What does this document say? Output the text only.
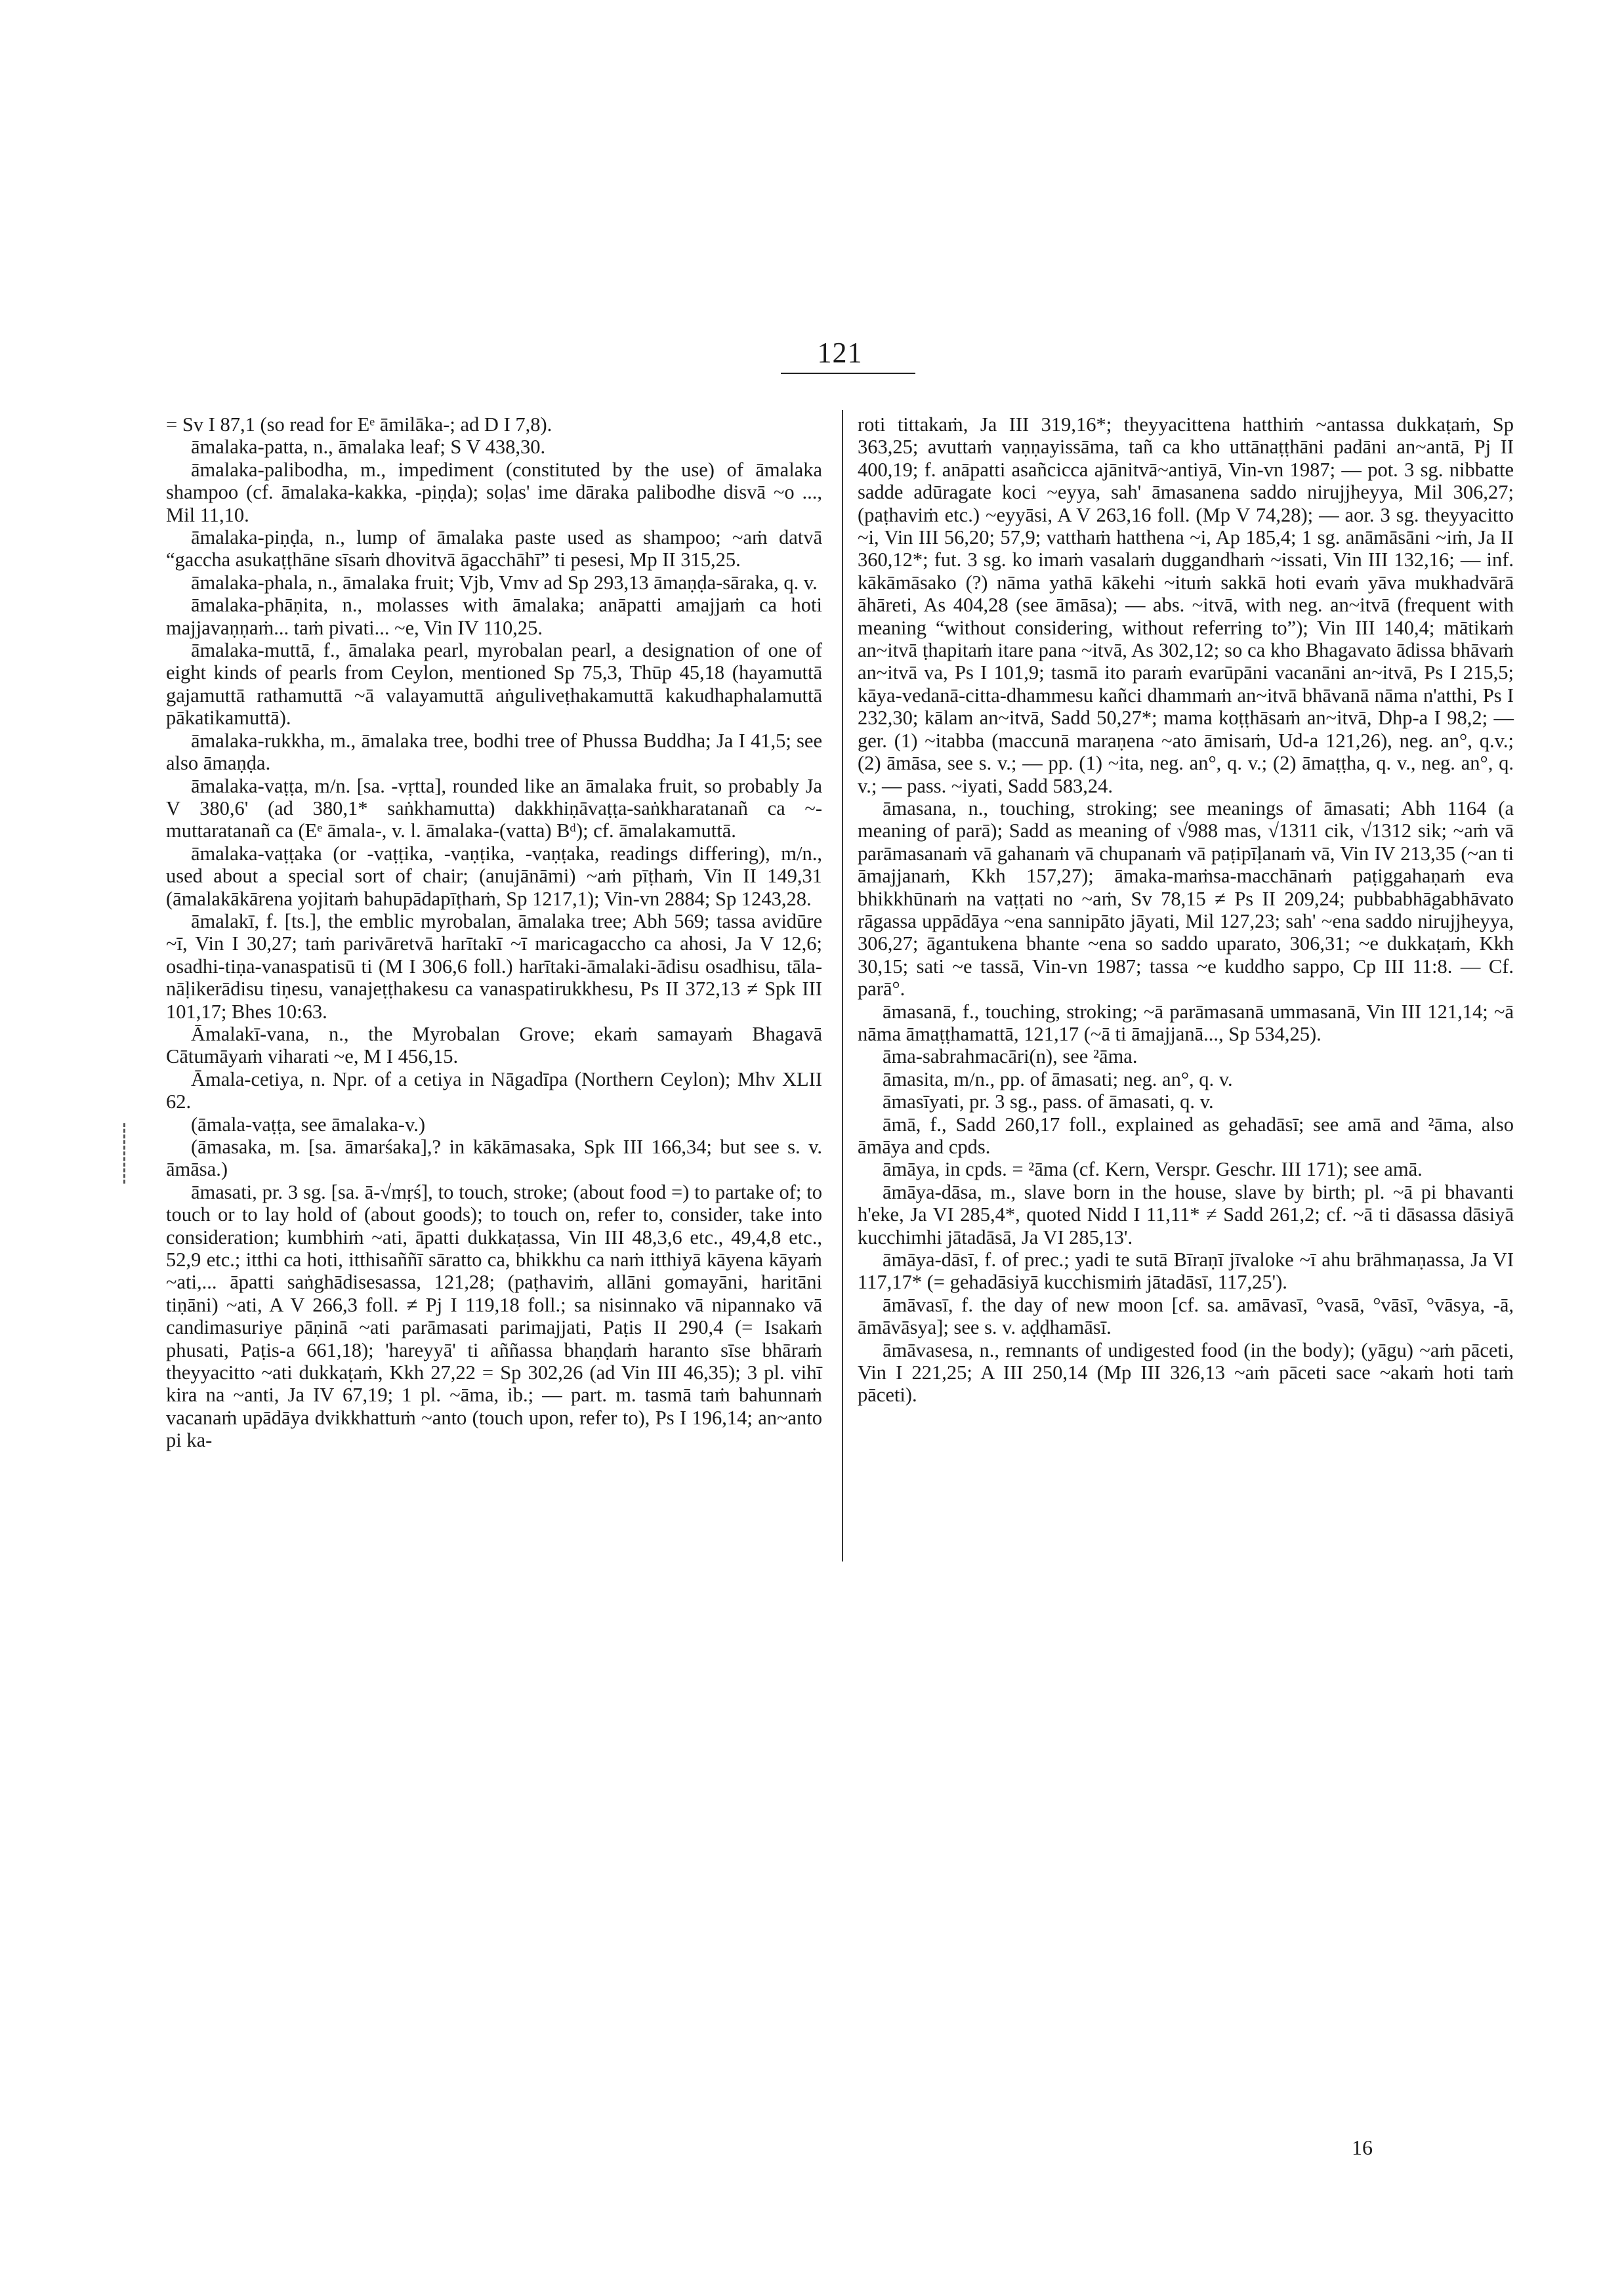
121

= Sv I 87,1 (so read for Eᵉ āmilāka-; ad D I 7,8).

āmalaka-patta, n., āmalaka leaf; S V 438,30.

āmalaka-palibodha, m., impediment (constituted by the use) of āmalaka shampoo (cf. āmalaka-kakka, -piṇḍa); soḷas' ime dāraka palibodhe disvā ~o ..., Mil 11,10.

āmalaka-piṇḍa, n., lump of āmalaka paste used as shampoo; ~aṁ datvā “gaccha asukaṭṭhāne sīsaṁ dhovitvā āgacchāhī” ti pesesi, Mp II 315,25.

āmalaka-phala, n., āmalaka fruit; Vjb, Vmv ad Sp 293,13 āmaṇḍa-sāraka, q. v.

āmalaka-phāṇita, n., molasses with āmalaka; anāpatti amajjaṁ ca hoti majjavaṇṇaṁ... taṁ pivati... ~e, Vin IV 110,25.

āmalaka-muttā, f., āmalaka pearl, myrobalan pearl, a designation of one of eight kinds of pearls from Ceylon, mentioned Sp 75,3, Thūp 45,18 (hayamuttā gajamuttā rathamuttā ~ā valayamuttā aṅguliveṭhakamuttā kakudhaphalamuttā pākatikamuttā).

āmalaka-rukkha, m., āmalaka tree, bodhi tree of Phussa Buddha; Ja I 41,5; see also āmaṇḍa.

āmalaka-vaṭṭa, m/n. [sa. -vṛtta], rounded like an āmalaka fruit, so probably Ja V 380,6' (ad 380,1* saṅkhamutta) dakkhiṇāvaṭṭa-saṅkharatanañ ca ~-muttaratanañ ca (Eᵉ āmala-, v. l. āmalaka-(vatta) Bᵈ); cf. āmalakamuttā.

āmalaka-vaṭṭaka (or -vaṭṭika, -vaṇṭika, -vaṇṭaka, readings differing), m/n., used about a special sort of chair; (anujānāmi) ~aṁ pīṭhaṁ, Vin II 149,31 (āmalakākārena yojitaṁ bahupādapīṭhaṁ, Sp 1217,1); Vin-vn 2884; Sp 1243,28.

āmalakī, f. [ts.], the emblic myrobalan, āmalaka tree; Abh 569; tassa avidūre ~ī, Vin I 30,27; taṁ parivāretvā harītakī ~ī maricagaccho ca ahosi, Ja V 12,6; osadhi-tiṇa-vanaspatisū ti (M I 306,6 foll.) harītaki-āmalaki-ādisu osadhisu, tāla-nāḷikerādisu tiṇesu, vanajeṭṭhakesu ca vanaspatirukkhesu, Ps II 372,13 ≠ Spk III 101,17; Bhes 10:63.

Āmalakī-vana, n., the Myrobalan Grove; ekaṁ samayaṁ Bhagavā Cātumāyaṁ viharati ~e, M I 456,15.

Āmala-cetiya, n. Npr. of a cetiya in Nāgadīpa (Northern Ceylon); Mhv XLII 62.

(āmala-vaṭṭa, see āmalaka-v.)

(āmasaka, m. [sa. āmarśaka],? in kākāmasaka, Spk III 166,34; but see s. v. āmāsa.)

āmasati, pr. 3 sg. [sa. ā-√mṛś], to touch, stroke; (about food =) to partake of; to touch or to lay hold of (about goods); to touch on, refer to, consider, take into consideration; kumbhiṁ ~ati, āpatti dukkaṭassa, Vin III 48,3,6 etc., 49,4,8 etc., 52,9 etc.; itthi ca hoti, itthisaññī sāratto ca, bhikkhu ca naṁ itthiyā kāyena kāyaṁ ~ati,... āpatti saṅghādisesassa, 121,28; (paṭhaviṁ, allāni gomayāni, haritāni tiṇāni) ~ati, A V 266,3 foll. ≠ Pj I 119,18 foll.; sa nisinnako vā nipannako vā candimasuriye pāṇinā ~ati parāmasati parimajjati, Paṭis II 290,4 (= Isakaṁ phusati, Paṭis-a 661,18); 'hareyyā' ti aññassa bhaṇḍaṁ haranto sīse bhāraṁ theyyacitto ~ati dukkaṭaṁ, Kkh 27,22 = Sp 302,26 (ad Vin III 46,35); 3 pl. vihī kira na ~anti, Ja IV 67,19; 1 pl. ~āma, ib.; — part. m. tasmā taṁ bahunnaṁ vacanaṁ upādāya dvikkhattuṁ ~anto (touch upon, refer to), Ps I 196,14; an~anto pi ka-

roti tittakaṁ, Ja III 319,16*; theyyacittena hatthiṁ ~antassa dukkaṭaṁ, Sp 363,25; avuttaṁ vaṇṇayissāma, tañ ca kho uttānaṭṭhāni padāni an~antā, Pj II 400,19; f. anāpatti asañcicca ajānitvā~antiyā, Vin-vn 1987; — pot. 3 sg. nibbatte sadde adūragate koci ~eyya, sah' āmasanena saddo nirujjheyya, Mil 306,27; (paṭhaviṁ etc.) ~eyyāsi, A V 263,16 foll. (Mp V 74,28); — aor. 3 sg. theyyacitto ~i, Vin III 56,20; 57,9; vatthaṁ hatthena ~i, Ap 185,4; 1 sg. anāmāsāni ~iṁ, Ja II 360,12*; fut. 3 sg. ko imaṁ vasalaṁ duggandhaṁ ~issati, Vin III 132,16; — inf. kākāmāsako (?) nāma yathā kākehi ~ituṁ sakkā hoti evaṁ yāva mukhadvārā āhāreti, As 404,28 (see āmāsa); — abs. ~itvā, with neg. an~itvā (frequent with meaning “without considering, without referring to”); Vin III 140,4; mātikaṁ an~itvā ṭhapitaṁ itare pana ~itvā, As 302,12; so ca kho Bhagavato ādissa bhāvaṁ an~itvā va, Ps I 101,9; tasmā ito paraṁ evarūpāni vacanāni an~itvā, Ps I 215,5; kāya-vedanā-citta-dhammesu kañci dhammaṁ an~itvā bhāvanā nāma n'atthi, Ps I 232,30; kālam an~itvā, Sadd 50,27*; mama koṭṭhāsaṁ an~itvā, Dhp-a I 98,2; — ger. (1) ~itabba (maccunā maraṇena ~ato āmisaṁ, Ud-a 121,26), neg. an°, q.v.; (2) āmāsa, see s. v.; — pp. (1) ~ita, neg. an°, q. v.; (2) āmaṭṭha, q. v., neg. an°, q. v.; — pass. ~iyati, Sadd 583,24.

āmasana, n., touching, stroking; see meanings of āmasati; Abh 1164 (a meaning of parā); Sadd as meaning of √988 mas, √1311 cik, √1312 sik; ~aṁ vā parāmasanaṁ vā gahanaṁ vā chupanaṁ vā paṭipīḷanaṁ vā, Vin IV 213,35 (~an ti āmajjanaṁ, Kkh 157,27); āmaka-maṁsa-macchānaṁ paṭiggahaṇaṁ eva bhikkhūnaṁ na vaṭṭati no ~aṁ, Sv 78,15 ≠ Ps II 209,24; pubbabhāgabhāvato rāgassa uppādāya ~ena sannipāto jāyati, Mil 127,23; sah' ~ena saddo nirujjheyya, 306,27; āgantukena bhante ~ena so saddo uparato, 306,31; ~e dukkaṭaṁ, Kkh 30,15; sati ~e tassā, Vin-vn 1987; tassa ~e kuddho sappo, Cp III 11:8. — Cf. parā°.

āmasanā, f., touching, stroking; ~ā parāmasanā ummasanā, Vin III 121,14; ~ā nāma āmaṭṭhamattā, 121,17 (~ā ti āmajjanā..., Sp 534,25).

āma-sabrahmacāri(n), see ²āma.

āmasita, m/n., pp. of āmasati; neg. an°, q. v.

āmasīyati, pr. 3 sg., pass. of āmasati, q. v.

āmā, f., Sadd 260,17 foll., explained as gehadāsī; see amā and ²āma, also āmāya and cpds.

āmāya, in cpds. = ²āma (cf. Kern, Verspr. Geschr. III 171); see amā.

āmāya-dāsa, m., slave born in the house, slave by birth; pl. ~ā pi bhavanti h'eke, Ja VI 285,4*, quoted Nidd I 11,11* ≠ Sadd 261,2; cf. ~ā ti dāsassa dāsiyā kucchimhi jātadāsā, Ja VI 285,13'.

āmāya-dāsī, f. of prec.; yadi te sutā Bīraṇī jīvaloke ~ī ahu brāhmaṇassa, Ja VI 117,17* (= gehadāsiyā kucchismiṁ jātadāsī, 117,25').

āmāvasī, f. the day of new moon [cf. sa. amāvasī, °vasā, °vāsī, °vāsya, -ā, āmāvāsya]; see s. v. aḍḍhamāsī.

āmāvasesa, n., remnants of undigested food (in the body); (yāgu) ~aṁ pāceti, Vin I 221,25; A III 250,14 (Mp III 326,13 ~aṁ pāceti sace ~akaṁ hoti taṁ pāceti).

16
